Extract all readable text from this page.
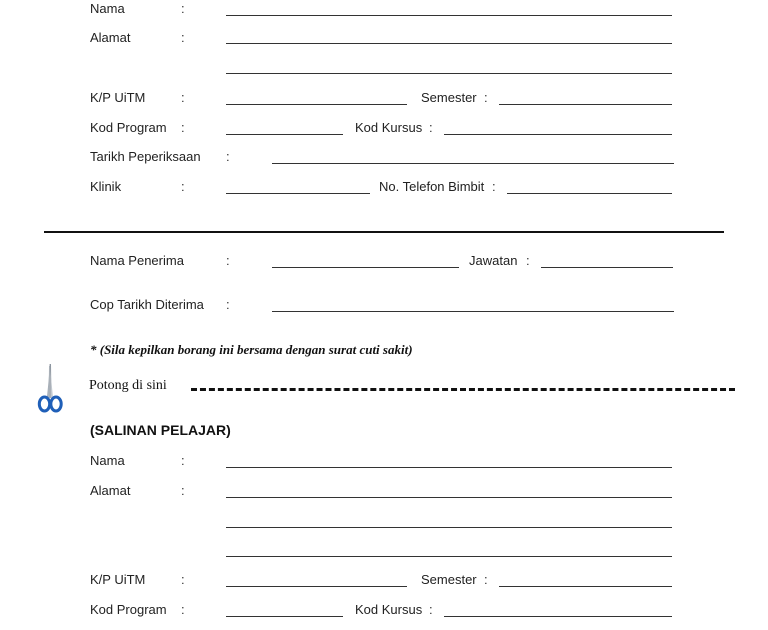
Nama	:
Alamat	:
K/P UiTM	:	Semester :
Kod Program :	Kod Kursus :
Tarikh Peperiksaan :
Klinik	:	No. Telefon Bimbit :
Nama Penerima	:	Jawatan :
Cop Tarikh Diterima :
* (Sila kepilkan borang ini bersama dengan surat cuti sakit)
Potong di sini
(SALINAN PELAJAR)
Nama	:
Alamat	:
K/P UiTM	:	Semester :
Kod Program :	Kod Kursus :
